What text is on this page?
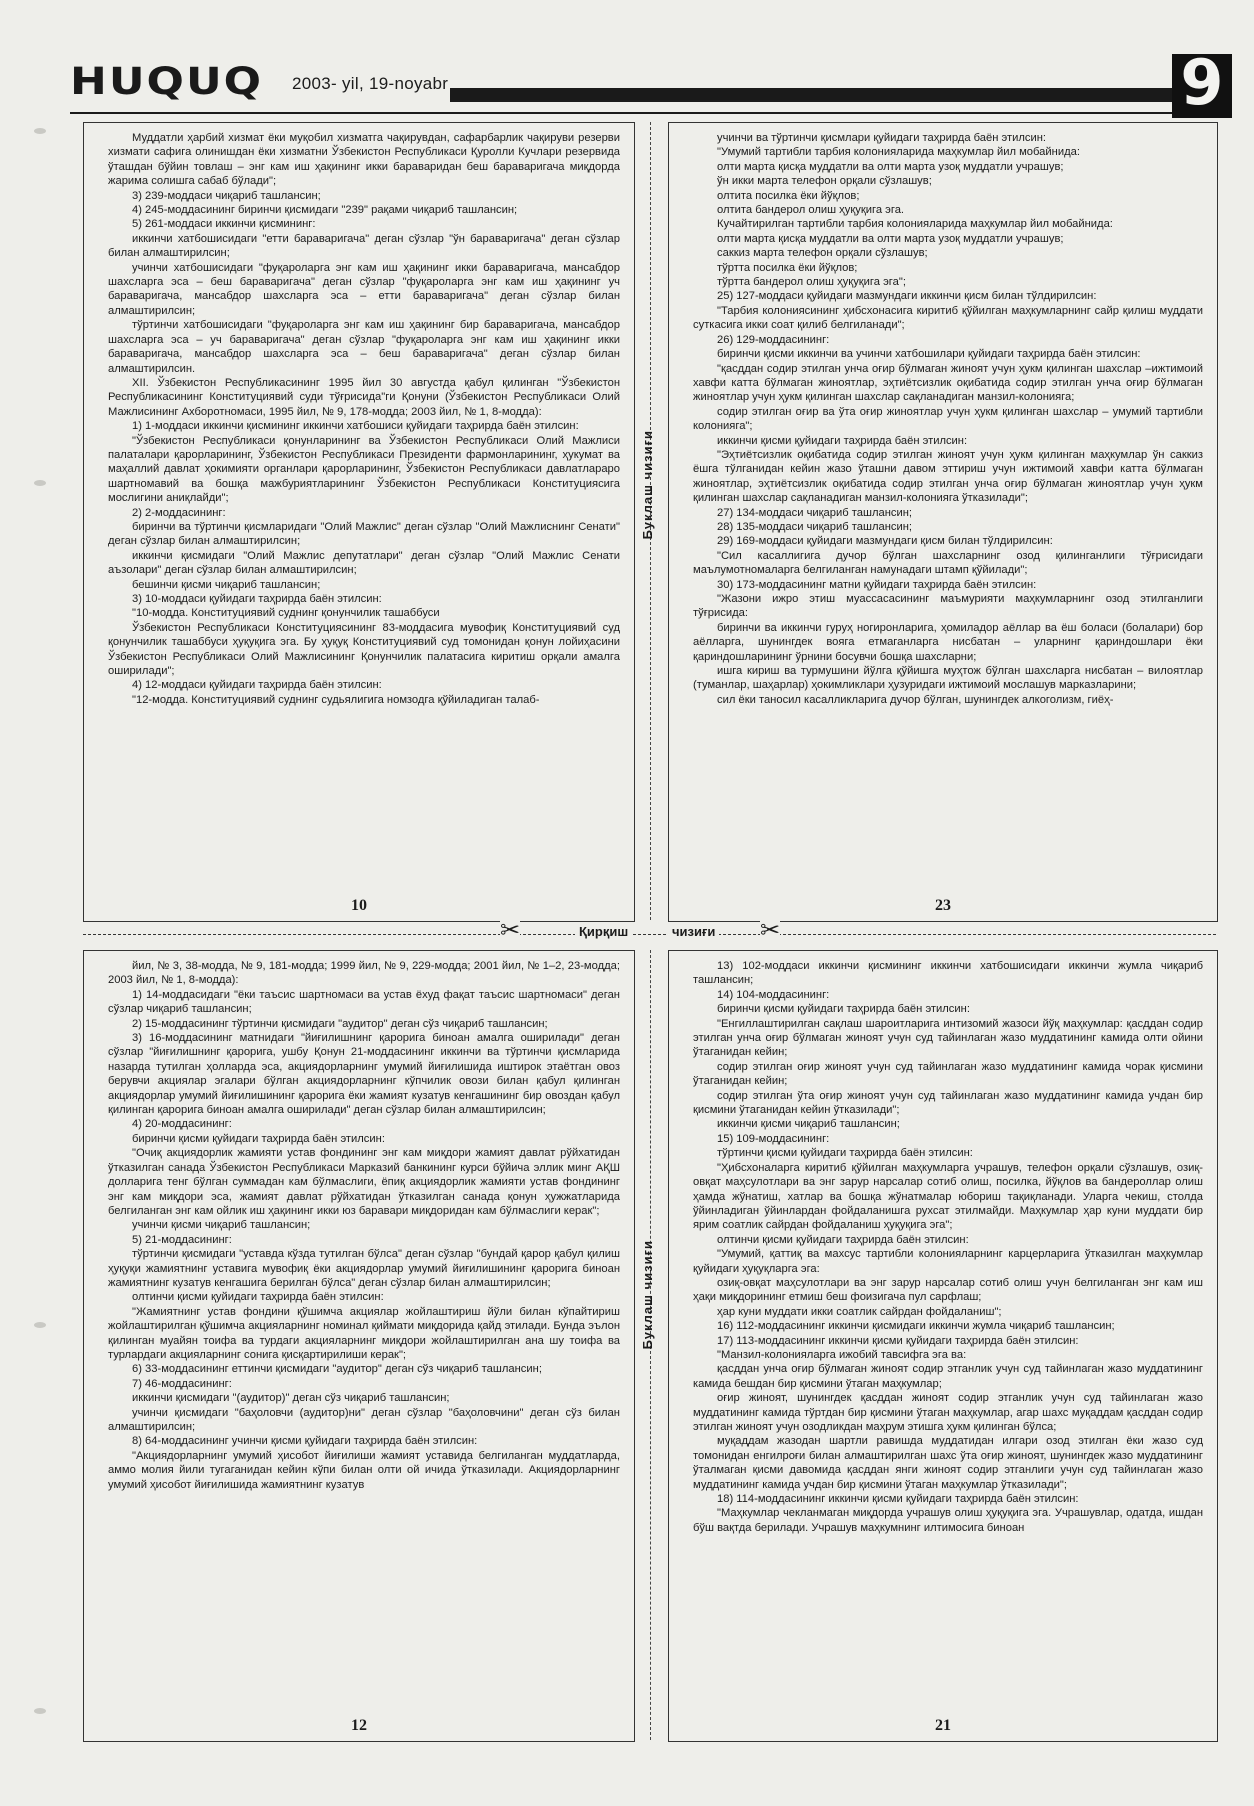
HUQUQ 2003- yil, 19-noyabr	9

Муддатли ҳарбий хизмат ёки муқобил хизматга чақирувдан, сафарбарлик чақируви резерви хизмати сафига олинишдан ёки хизматни Ўзбекистон Республикаси Қуролли Кучлари резервида ўташдан бўйин товлаш – энг кам иш ҳақининг икки бараваридан беш бараваригача миқдорда жарима солишга сабаб бўлади";

3) 239-моддаси чиқариб ташлансин;

4) 245-моддасининг биринчи қисмидаги "239" рақами чиқариб ташлансин;

5) 261-моддаси иккинчи қисмининг:

иккинчи хатбошисидаги "етти бараваригача" деган сўзлар "ўн бараваригача" деган сўзлар билан алмаштирилсин;

учинчи хатбошисидаги "фуқароларга энг кам иш ҳақининг икки бараваригача, мансабдор шахсларга эса – беш бараваригача" деган сўзлар "фуқароларга энг кам иш ҳақининг уч бараваригача, мансабдор шахсларга эса – етти бараваригача" деган сўзлар билан алмаштирилсин;

тўртинчи хатбошисидаги "фуқароларга энг кам иш ҳақининг бир бараваригача, мансабдор шахсларга эса – уч бараваригача" деган сўзлар "фуқароларга энг кам иш ҳақининг икки бараваригача, мансабдор шахсларга эса – беш бараваригача" деган сўзлар билан алмаштирилсин.

XII. Ўзбекистон Республикасининг 1995 йил 30 августда қабул қилинган "Ўзбекистон Республикасининг Конституциявий суди тўғрисида"ги Қонуни (Ўзбекистон Республикаси Олий Мажлисининг Ахборотномаси, 1995 йил, № 9, 178-модда; 2003 йил, № 1, 8-модда):

1) 1-моддаси иккинчи қисмининг иккинчи хатбошиси қуйидаги таҳрирда баён этилсин:

"Ўзбекистон Республикаси қонунларининг ва Ўзбекистон Республикаси Олий Мажлиси палаталари қарорларининг, Ўзбекистон Республикаси Президенти фармонларининг, ҳукумат ва маҳаллий давлат ҳокимияти органлари қарорларининг, Ўзбекистон Республикаси давлатлараро шартномавий ва бошқа мажбуриятларининг Ўзбекистон Республикаси Конституциясига мослигини аниқлайди";

2) 2-моддасининг:

биринчи ва тўртинчи қисмларидаги "Олий Мажлис" деган сўзлар "Олий Мажлиснинг Сенати" деган сўзлар билан алмаштирилсин;

иккинчи қисмидаги "Олий Мажлис депутатлари" деган сўзлар "Олий Мажлис Сенати аъзолари" деган сўзлар билан алмаштирилсин;

бешинчи қисми чиқариб ташлансин;

3) 10-моддаси қуйидаги таҳрирда баён этилсин:

"10-модда. Конституциявий суднинг қонунчилик ташаббуси

Ўзбекистон Республикаси Конституциясининг 83-моддасига мувофиқ Конституциявий суд қонунчилик ташаббуси ҳуқуқига эга. Бу ҳуқуқ Конституциявий суд томонидан қонун лойиҳасини Ўзбекистон Республикаси Олий Мажлисининг Қонунчилик палатасига киритиш орқали амалга оширилади";

4) 12-моддаси қуйидаги таҳрирда баён этилсин:

"12-модда. Конституциявий суднинг судьялигига номзодга қўйиладиган талаб-

10

учинчи ва тўртинчи қисмлари қуйидаги таҳрирда баён этилсин:

"Умумий тартибли тарбия колонияларида маҳкумлар йил мобайнида:

олти марта қисқа муддатли ва олти марта узоқ муддатли учрашув;

ўн икки марта телефон орқали сўзлашув;

олтита посилка ёки йўқлов;

олтита бандерол олиш ҳуқуқига эга.

Кучайтирилган тартибли тарбия колонияларида маҳкумлар йил мобайнида:

олти марта қисқа муддатли ва олти марта узоқ муддатли учрашув;

саккиз марта телефон орқали сўзлашув;

тўртта посилка ёки йўқлов;

тўртта бандерол олиш ҳуқуқига эга";

25) 127-моддаси қуйидаги мазмундаги иккинчи қисм билан тўлдирилсин:

"Тарбия колониясининг ҳибсхонасига киритиб қўйилган маҳкумларнинг сайр қилиш муддати суткасига икки соат қилиб белгиланади";

26) 129-моддасининг:

биринчи қисми иккинчи ва учинчи хатбошилари қуйидаги таҳрирда баён этилсин:

"қасддан содир этилган унча оғир бўлмаган жиноят учун ҳукм қилинган шахслар –ижтимоий хавфи катта бўлмаган жиноятлар, эҳтиётсизлик оқибатида содир этилган унча оғир бўлмаган жиноятлар учун ҳукм қилинган шахслар сақланадиган манзил-колонияга;

содир этилган оғир ва ўта оғир жиноятлар учун ҳукм қилинган шахслар – умумий тартибли колонияга";

иккинчи қисми қуйидаги таҳрирда баён этилсин:

"Эҳтиётсизлик оқибатида содир этилган жиноят учун ҳукм қилинган маҳкумлар ўн саккиз ёшга тўлганидан кейин жазо ўташни давом эттириш учун ижтимоий хавфи катта бўлмаган жиноятлар, эҳтиётсизлик оқибатида содир этилган унча оғир бўлмаган жиноятлар учун ҳукм қилинган шахслар сақланадиган манзил-колонияга ўтказилади";

27) 134-моддаси чиқариб ташлансин;

28) 135-моддаси чиқариб ташлансин;

29) 169-моддаси қуйидаги мазмундаги қисм билан тўлдирилсин:

"Сил касаллигига дучор бўлган шахсларнинг озод қилинганлиги тўғрисидаги маълумотномаларга белгиланган намунадаги штамп қўйилади";

30) 173-моддасининг матни қуйидаги таҳрирда баён этилсин:

"Жазони ижро этиш муассасасининг маъмурияти маҳкумларнинг озод этилганлиги тўғрисида:

биринчи ва иккинчи гуруҳ ногиронларига, ҳомиладор аёллар ва ёш боласи (болалари) бор аёлларга, шунингдек вояга етмаганларга нисбатан – уларнинг қариндошлари ёки қариндошларининг ўрнини босувчи бошқа шахсларни;

ишга кириш ва турмушини йўлга қўйишга муҳтож бўлган шахсларга нисбатан – вилоятлар (туманлар, шаҳарлар) ҳокимликлари ҳузуридаги ижтимоий мослашув марказларини;

сил ёки таносил касалликларига дучор бўлган, шунингдек алкоголизм, гиёҳ-

23
Буклаш чизиғи
✂	Қирқиш	чизиғи ✂

йил, № 3, 38-модда, № 9, 181-модда; 1999 йил, № 9, 229-модда; 2001 йил, № 1–2, 23-модда; 2003 йил, № 1, 8-модда):

1) 14-моддасидаги "ёки таъсис шартномаси ва устав ёхуд фақат таъсис шартномаси" деган сўзлар чиқариб ташлансин;

2) 15-моддасининг тўртинчи қисмидаги "аудитор" деган сўз чиқариб ташлансин;

3) 16-моддасининг матнидаги "йиғилишнинг қарорига биноан амалга оширилади" деган сўзлар "йиғилишнинг қарорига, ушбу Қонун 21-моддасининг иккинчи ва тўртинчи қисмларида назарда тутилган ҳолларда эса, акциядорларнинг умумий йиғилишида иштирок этаётган овоз берувчи акциялар эгалари бўлган акциядорларнинг кўпчилик овози билан қабул қилинган акциядорлар умумий йиғилишининг қарорига ёки жамият кузатув кенгашининг бир овоздан қабул қилинган қарорига биноан амалга оширилади" деган сўзлар билан алмаштирилсин;

4) 20-моддасининг:

биринчи қисми қуйидаги таҳрирда баён этилсин:

"Очиқ акциядорлик жамияти устав фондининг энг кам миқдори жамият давлат рўйхатидан ўтказилган санада Ўзбекистон Республикаси Марказий банкининг курси бўйича эллик минг АҚШ долларига тенг бўлган суммадан кам бўлмаслиги, ёпиқ акциядорлик жамияти устав фондининг энг кам миқдори эса, жамият давлат рўйхатидан ўтказилган санада қонун ҳужжатларида белгиланган энг кам ойлик иш ҳақининг икки юз баравари миқдоридан кам бўлмаслиги керак";

учинчи қисми чиқариб ташлансин;

5) 21-моддасининг:

тўртинчи қисмидаги "уставда кўзда тутилган бўлса" деган сўзлар "бундай қарор қабул қилиш ҳуқуқи жамиятнинг уставига мувофиқ ёки акциядорлар умумий йиғилишининг қарорига биноан жамиятнинг кузатув кенгашига берилган бўлса" деган сўзлар билан алмаштирилсин;

олтинчи қисми қуйидаги таҳрирда баён этилсин:

"Жамиятнинг устав фондини қўшимча акциялар жойлаштириш йўли билан кўпайтириш жойлаштирилган қўшимча акцияларнинг номинал қиймати миқдорида қайд этилади. Бунда эълон қилинган муайян тоифа ва турдаги акцияларнинг миқдори жойлаштирилган ана шу тоифа ва турлардаги акцияларнинг сонига қисқартирилиши керак";

6) 33-моддасининг еттинчи қисмидаги "аудитор" деган сўз чиқариб ташлансин;

7) 46-моддасининг:

иккинчи қисмидаги "(аудитор)" деган сўз чиқариб ташлансин;

учинчи қисмидаги "баҳоловчи (аудитор)ни" деган сўзлар "баҳоловчини" деган сўз билан алмаштирилсин;

8) 64-моддасининг учинчи қисми қуйидаги таҳрирда баён этилсин:

"Акциядорларнинг умумий ҳисобот йиғилиши жамият уставида белгиланган муддатларда, аммо молия йили тугаганидан кейин кўпи билан олти ой ичида ўтказилади. Акциядорларнинг умумий ҳисобот йиғилишида жамиятнинг кузатув

12

13) 102-моддаси иккинчи қисмининг иккинчи хатбошисидаги иккинчи жумла чиқариб ташлансин;

14) 104-моддасининг:

биринчи қисми қуйидаги таҳрирда баён этилсин:

"Енгиллаштирилган сақлаш шароитларига интизомий жазоси йўқ маҳкумлар: қасддан содир этилган унча оғир бўлмаган жиноят учун суд тайинлаган жазо муддатининг камида олти ойини ўтаганидан кейин;

содир этилган оғир жиноят учун суд тайинлаган жазо муддатининг камида чорак қисмини ўтаганидан кейин;

содир этилган ўта оғир жиноят учун суд тайинлаган жазо муддатининг камида учдан бир қисмини ўтаганидан кейин ўтказилади";

иккинчи қисми чиқариб ташлансин;

15) 109-моддасининг:

тўртинчи қисми қуйидаги таҳрирда баён этилсин:

"Ҳибсхоналарга киритиб қўйилган маҳкумларга учрашув, телефон орқали сўзлашув, озиқ-овқат маҳсулотлари ва энг зарур нарсалар сотиб олиш, посилка, йўқлов ва бандероллар олиш ҳамда жўнатиш, хатлар ва бошқа жўнатмалар юбориш тақиқланади. Уларга чекиш, столда ўйинладиган ўйинлардан фойдаланишга рухсат этилмайди. Маҳкумлар ҳар куни муддати бир ярим соатлик сайрдан фойдаланиш ҳуқуқига эга";

олтинчи қисми қуйидаги таҳрирда баён этилсин:

"Умумий, қаттиқ ва махсус тартибли колонияларнинг карцерларига ўтказилган маҳкумлар қуйидаги ҳуқуқларга эга:

озиқ-овқат маҳсулотлари ва энг зарур нарсалар сотиб олиш учун белгиланган энг кам иш ҳақи миқдорининг етмиш беш фоизигача пул сарфлаш;

ҳар куни муддати икки соатлик сайрдан фойдаланиш";

16) 112-моддасининг иккинчи қисмидаги иккинчи жумла чиқариб ташлансин;

17) 113-моддасининг иккинчи қисми қуйидаги таҳрирда баён этилсин:

"Манзил-колонияларга ижобий тавсифга эга ва:

қасддан унча оғир бўлмаган жиноят содир этганлик учун суд тайинлаган жазо муддатининг камида бешдан бир қисмини ўтаган маҳкумлар;

оғир жиноят, шунингдек қасддан жиноят содир этганлик учун суд тайинлаган жазо муддатининг камида тўртдан бир қисмини ўтаган маҳкумлар, агар шахс муқаддам қасддан содир этилган жиноят учун озодликдан маҳрум этишга ҳукм қилинган бўлса;

муқаддам жазодан шартли равишда муддатидан илгари озод этилган ёки жазо суд томонидан енгилроғи билан алмаштирилган шахс ўта оғир жиноят, шунингдек жазо муддатининг ўталмаган қисми давомида қасддан янги жиноят содир этганлиги учун суд тайинлаган жазо муддатининг камида учдан бир қисмини ўтаган маҳкумлар ўтказилади";

18) 114-моддасининг иккинчи қисми қуйидаги таҳрирда баён этилсин:

"Маҳкумлар чекланмаган миқдорда учрашув олиш ҳуқуқига эга. Учрашувлар, одатда, ишдан бўш вақтда берилади. Учрашув маҳкумнинг илтимосига биноан

21
Буклаш чизиғи
